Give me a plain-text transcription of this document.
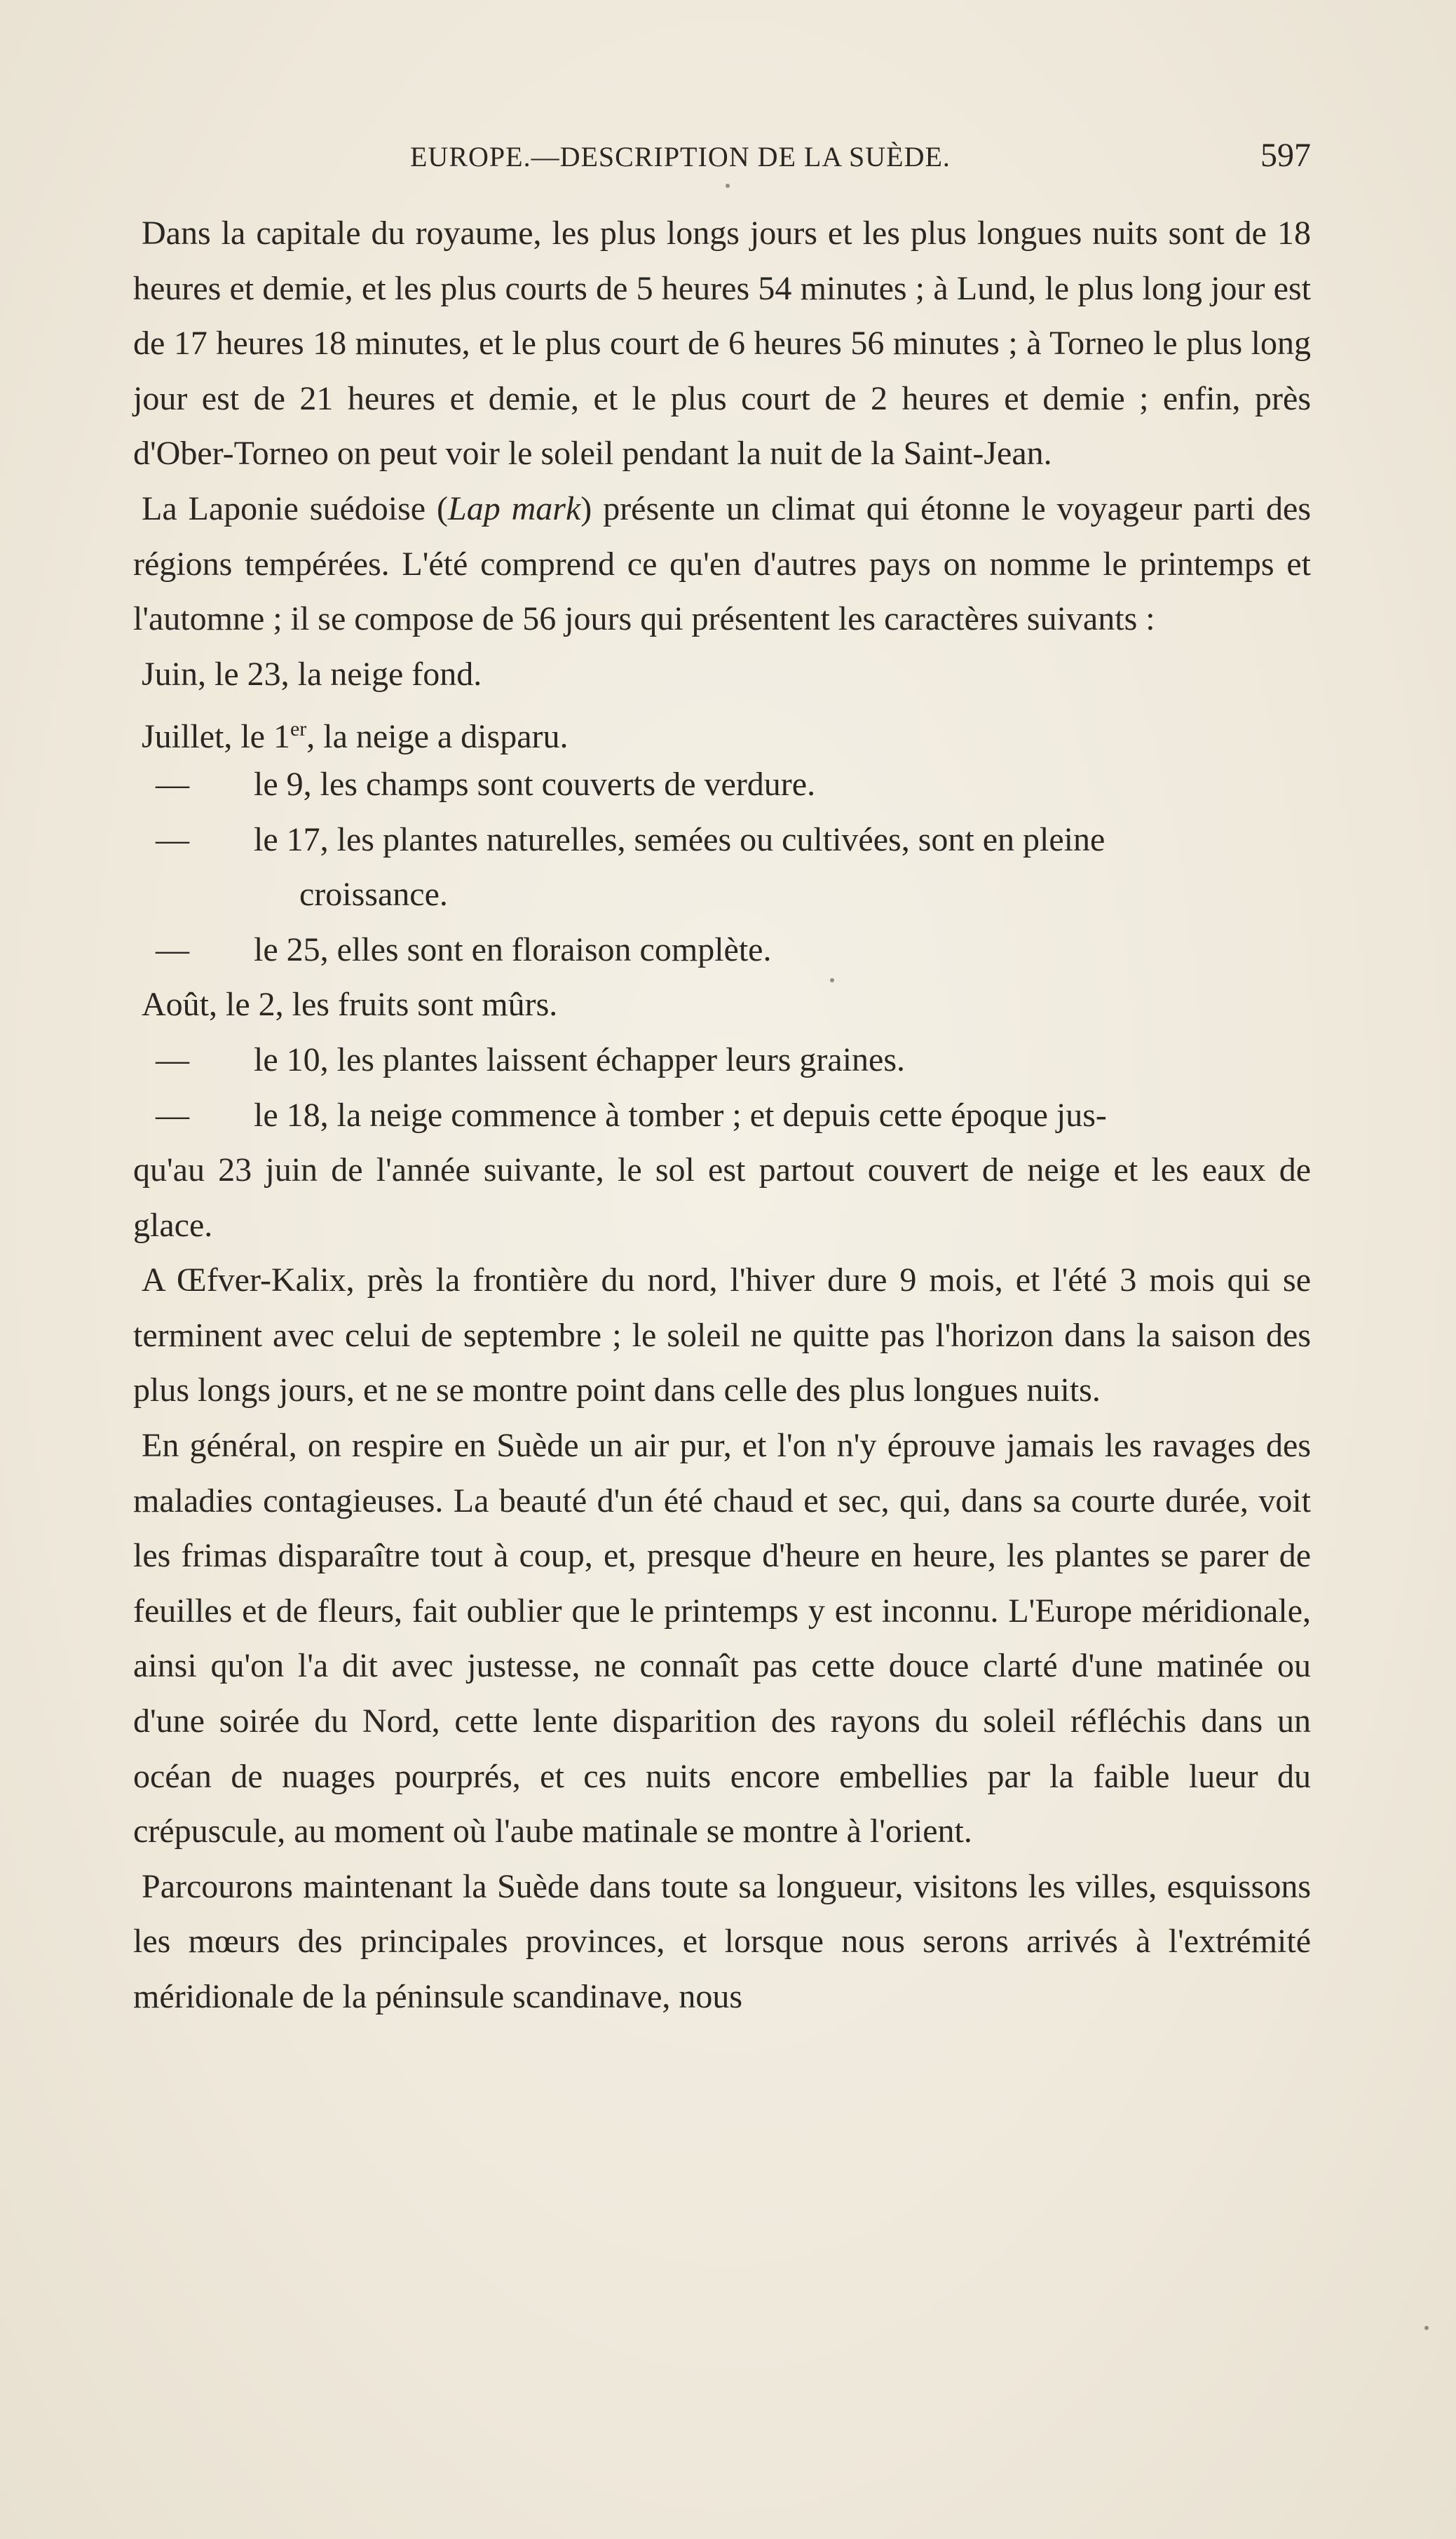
EUROPE.—DESCRIPTION DE LA SUÈDE.	597

Dans la capitale du royaume, les plus longs jours et les plus longues nuits sont de 18 heures et demie, et les plus courts de 5 heures 54 minutes ; à Lund, le plus long jour est de 17 heures 18 minutes, et le plus court de 6 heures 56 minutes ; à Torneo le plus long jour est de 21 heures et demie, et le plus court de 2 heures et demie ; enfin, près d'Ober-Torneo on peut voir le soleil pendant la nuit de la Saint-Jean.

La Laponie suédoise (Lap mark) présente un climat qui étonne le voyageur parti des régions tempérées. L'été comprend ce qu'en d'autres pays on nomme le printemps et l'automne ; il se compose de 56 jours qui présentent les caractères suivants :

Juin, le 23, la neige fond.
Juillet, le 1er, la neige a disparu.
— le 9, les champs sont couverts de verdure.
— le 17, les plantes naturelles, semées ou cultivées, sont en pleine
croissance.
— le 25, elles sont en floraison complète.
Août, le 2, les fruits sont mûrs.
— le 10, les plantes laissent échapper leurs graines.
— le 18, la neige commence à tomber ; et depuis cette époque jus-

qu'au 23 juin de l'année suivante, le sol est partout couvert de neige et les eaux de glace.

A Œfver-Kalix, près la frontière du nord, l'hiver dure 9 mois, et l'été 3 mois qui se terminent avec celui de septembre ; le soleil ne quitte pas l'horizon dans la saison des plus longs jours, et ne se montre point dans celle des plus longues nuits.

En général, on respire en Suède un air pur, et l'on n'y éprouve jamais les ravages des maladies contagieuses. La beauté d'un été chaud et sec, qui, dans sa courte durée, voit les frimas disparaître tout à coup, et, presque d'heure en heure, les plantes se parer de feuilles et de fleurs, fait oublier que le printemps y est inconnu. L'Europe méridionale, ainsi qu'on l'a dit avec justesse, ne connaît pas cette douce clarté d'une matinée ou d'une soirée du Nord, cette lente disparition des rayons du soleil réfléchis dans un océan de nuages pourprés, et ces nuits encore embellies par la faible lueur du crépuscule, au moment où l'aube matinale se montre à l'orient.

Parcourons maintenant la Suède dans toute sa longueur, visitons les villes, esquissons les mœurs des principales provinces, et lorsque nous serons arrivés à l'extrémité méridionale de la péninsule scandinave, nous
